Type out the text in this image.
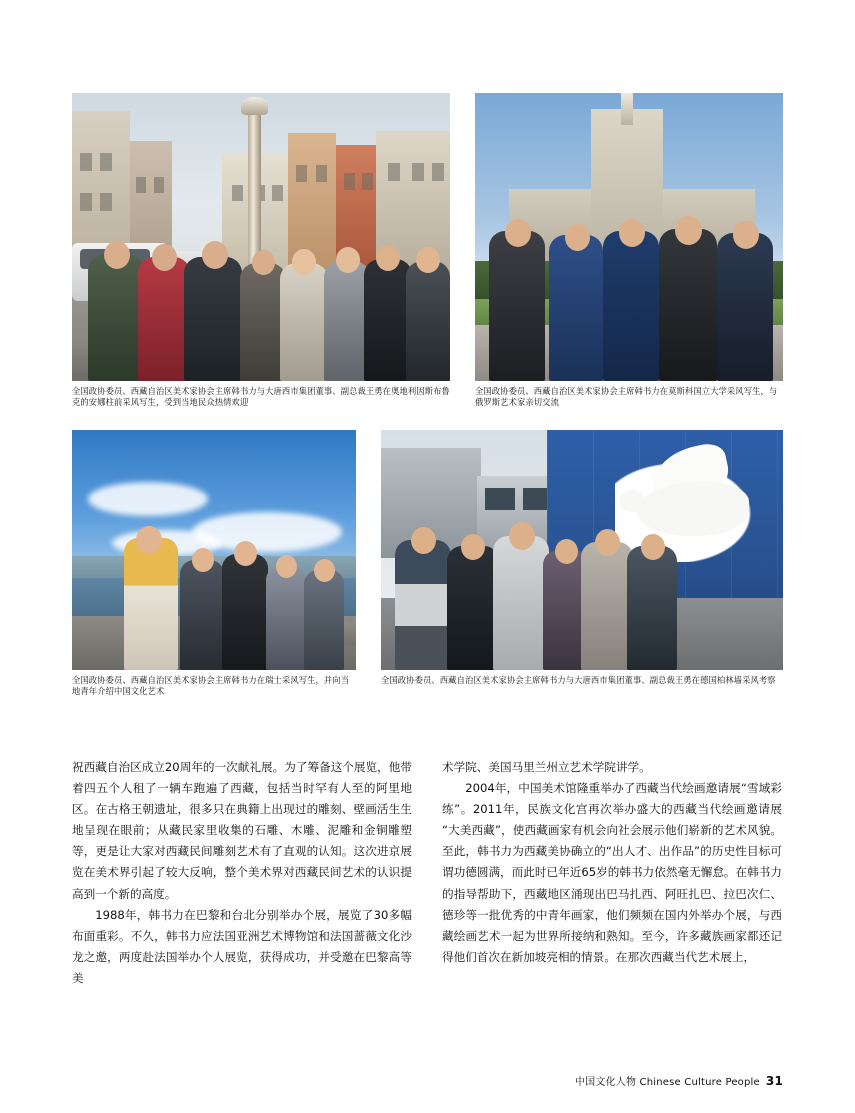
全国政协委员、西藏自治区美术家协会主席韩书力与大唐西市集团董事、副总裁王勇在奥地利因斯布鲁克的安娜柱前采风写生，受到当地民众热情欢迎
全国政协委员、西藏自治区美术家协会主席韩书力在莫斯科国立大学采风写生，与俄罗斯艺术家亲切交流
全国政协委员、西藏自治区美术家协会主席韩书力在瑞士采风写生，并向当地青年介绍中国文化艺术
全国政协委员、西藏自治区美术家协会主席韩书力与大唐西市集团董事、副总裁王勇在德国柏林墙采风考察

祝西藏自治区成立20周年的一次献礼展。为了筹备这个展览，他带着四五个人租了一辆车跑遍了西藏，包括当时罕有人至的阿里地区。在古格王朝遗址，很多只在典籍上出现过的雕刻、壁画活生生地呈现在眼前；从藏民家里收集的石雕、木雕、泥雕和金铜雕塑等，更是让大家对西藏民间雕刻艺术有了直观的认知。这次进京展览在美术界引起了较大反响，整个美术界对西藏民间艺术的认识提高到一个新的高度。

1988年，韩书力在巴黎和台北分别举办个展，展览了30多幅布面重彩。不久，韩书力应法国亚洲艺术博物馆和法国蔷薇文化沙龙之邀，两度赴法国举办个人展览，获得成功，并受邀在巴黎高等美

术学院、美国马里兰州立艺术学院讲学。

2004年，中国美术馆隆重举办了西藏当代绘画邀请展“雪域彩练”。2011年，民族文化宫再次举办盛大的西藏当代绘画邀请展“大美西藏”，使西藏画家有机会向社会展示他们崭新的艺术风貌。至此，韩书力为西藏美协确立的“出人才、出作品”的历史性目标可谓功德圆满，而此时已年近65岁的韩书力依然毫无懈怠。在韩书力的指导帮助下，西藏地区涌现出巴马扎西、阿旺扎巴、拉巴次仁、德珍等一批优秀的中青年画家，他们频频在国内外举办个展，与西藏绘画艺术一起为世界所接纳和熟知。至今，许多藏族画家都还记得他们首次在新加坡亮相的情景。在那次西藏当代艺术展上，

中国文化人物 Chinese Culture People 31
